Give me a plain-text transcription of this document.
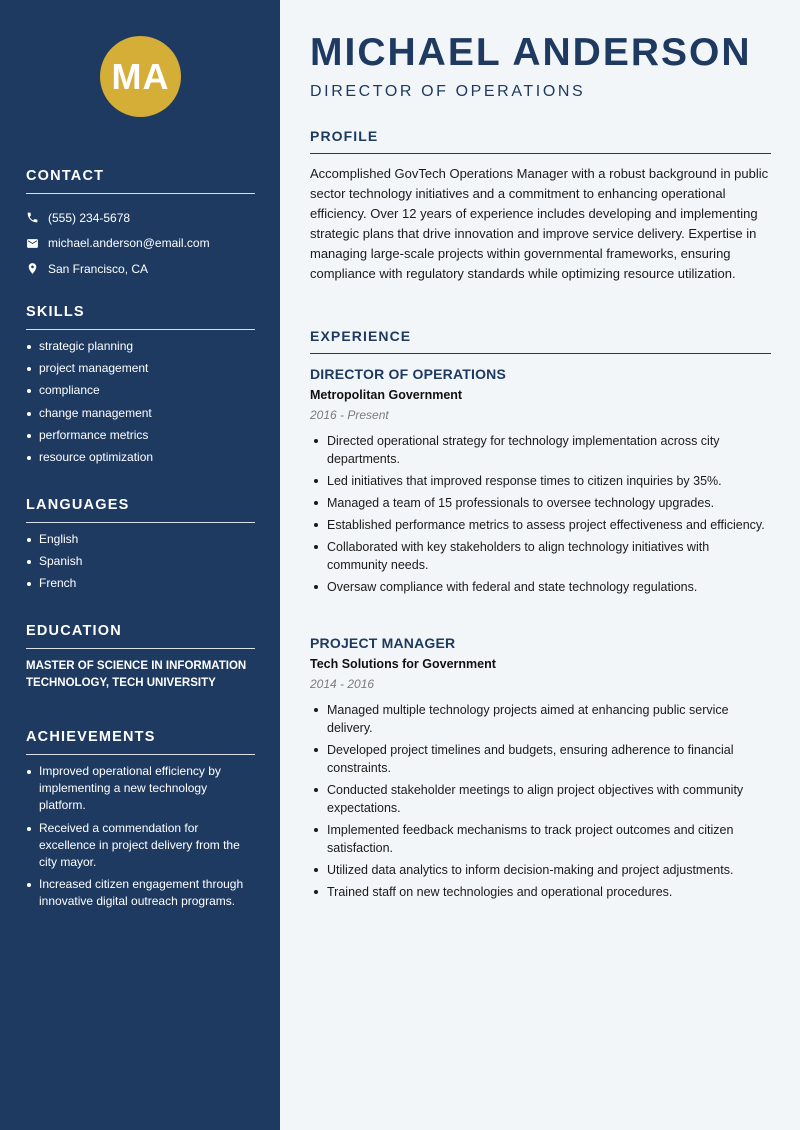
MA
CONTACT
(555) 234-5678
michael.anderson@email.com
San Francisco, CA
SKILLS
strategic planning
project management
compliance
change management
performance metrics
resource optimization
LANGUAGES
English
Spanish
French
EDUCATION
MASTER OF SCIENCE IN INFORMATION TECHNOLOGY, TECH UNIVERSITY
ACHIEVEMENTS
Improved operational efficiency by implementing a new technology platform.
Received a commendation for excellence in project delivery from the city mayor.
Increased citizen engagement through innovative digital outreach programs.
MICHAEL ANDERSON
DIRECTOR OF OPERATIONS
PROFILE
Accomplished GovTech Operations Manager with a robust background in public sector technology initiatives and a commitment to enhancing operational efficiency. Over 12 years of experience includes developing and implementing strategic plans that drive innovation and improve service delivery. Expertise in managing large-scale projects within governmental frameworks, ensuring compliance with regulatory standards while optimizing resource utilization.
EXPERIENCE
DIRECTOR OF OPERATIONS
Metropolitan Government
2016 - Present
Directed operational strategy for technology implementation across city departments.
Led initiatives that improved response times to citizen inquiries by 35%.
Managed a team of 15 professionals to oversee technology upgrades.
Established performance metrics to assess project effectiveness and efficiency.
Collaborated with key stakeholders to align technology initiatives with community needs.
Oversaw compliance with federal and state technology regulations.
PROJECT MANAGER
Tech Solutions for Government
2014 - 2016
Managed multiple technology projects aimed at enhancing public service delivery.
Developed project timelines and budgets, ensuring adherence to financial constraints.
Conducted stakeholder meetings to align project objectives with community expectations.
Implemented feedback mechanisms to track project outcomes and citizen satisfaction.
Utilized data analytics to inform decision-making and project adjustments.
Trained staff on new technologies and operational procedures.
